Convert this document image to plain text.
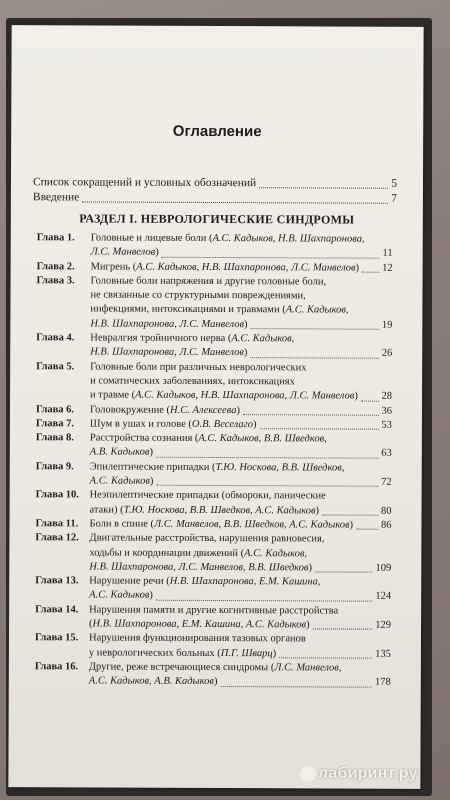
Оглавление
Список сокращений и условных обозначений	5
Введение	7
РАЗДЕЛ I. НЕВРОЛОГИЧЕСКИЕ СИНДРОМЫ
Глава 1.	Головные и лицевые боли (А.С. Кадыков, Н.В. Шахпаронова,
Л.С. Манвелов)	11
Глава 2.	Мигрень (А.С. Кадыков, Н.В. Шахпаронова, Л.С. Манвелов) 12
Глава 3.	Головные боли напряжения и другие головные боли,
не связанные со структурными повреждениями,
инфекциями, интоксикациями и травмами (А.С. Кадыков,
Н.В. Шахпаронова, Л.С. Манвелов)	19
Глава 4.	Невралгия тройничного нерва (А.С. Кадыков,
Н.В. Шахпаронова, Л.С. Манвелов)	26
Глава 5.	Головные боли при различных неврологических
и соматических заболеваниях, интоксикациях
и травме (А.С. Кадыков, Н.В. Шахпаронова, Л.С. Манвелов) 28
Глава 6.	Головокружение (Н.С. Алексеева)	36
Глава 7.	Шум в ушах и голове (О.В. Веселаго)	53
Глава 8.	Расстройства сознания (А.С. Кадыков, В.В. Шведков,
А.В. Кадыков)	63
Глава 9.	Эпилептические припадки (Т.Ю. Носкова, В.В. Шведков,
А.С. Кадыков)	72
Глава 10.	Неэпилептические припадки (обмороки, панические
атаки) (Т.Ю. Носкова, В.В. Шведков, А.С. Кадыков)	80
Глава 11.	Боли в спине (Л.С. Манвелов, В.В. Шведков, А.С. Кадыков)	86
Глава 12.	Двигательные расстройства, нарушения равновесия,
ходьбы и координации движений (А.С. Кадыков,
Н.В. Шахпаронова, Л.С. Манвелов, В.В. Шведков)	109
Глава 13.	Нарушение речи (Н.В. Шахпаронова, Е.М. Кашина,
А.С. Кадыков)	124
Глава 14.	Нарушения памяти и другие когнитивные расстройства
(Н.В. Шахпаронова, Е.М. Кашина, А.С. Кадыков)	129
Глава 15.	Нарушения функционирования тазовых органов
у неврологических больных (П.Г. Шварц)	135
Глава 16.	Другие, реже встречающиеся синдромы (Л.С. Манвелов,
А.С. Кадыков, А.В. Кадыков)	178
лабиринт.ру
